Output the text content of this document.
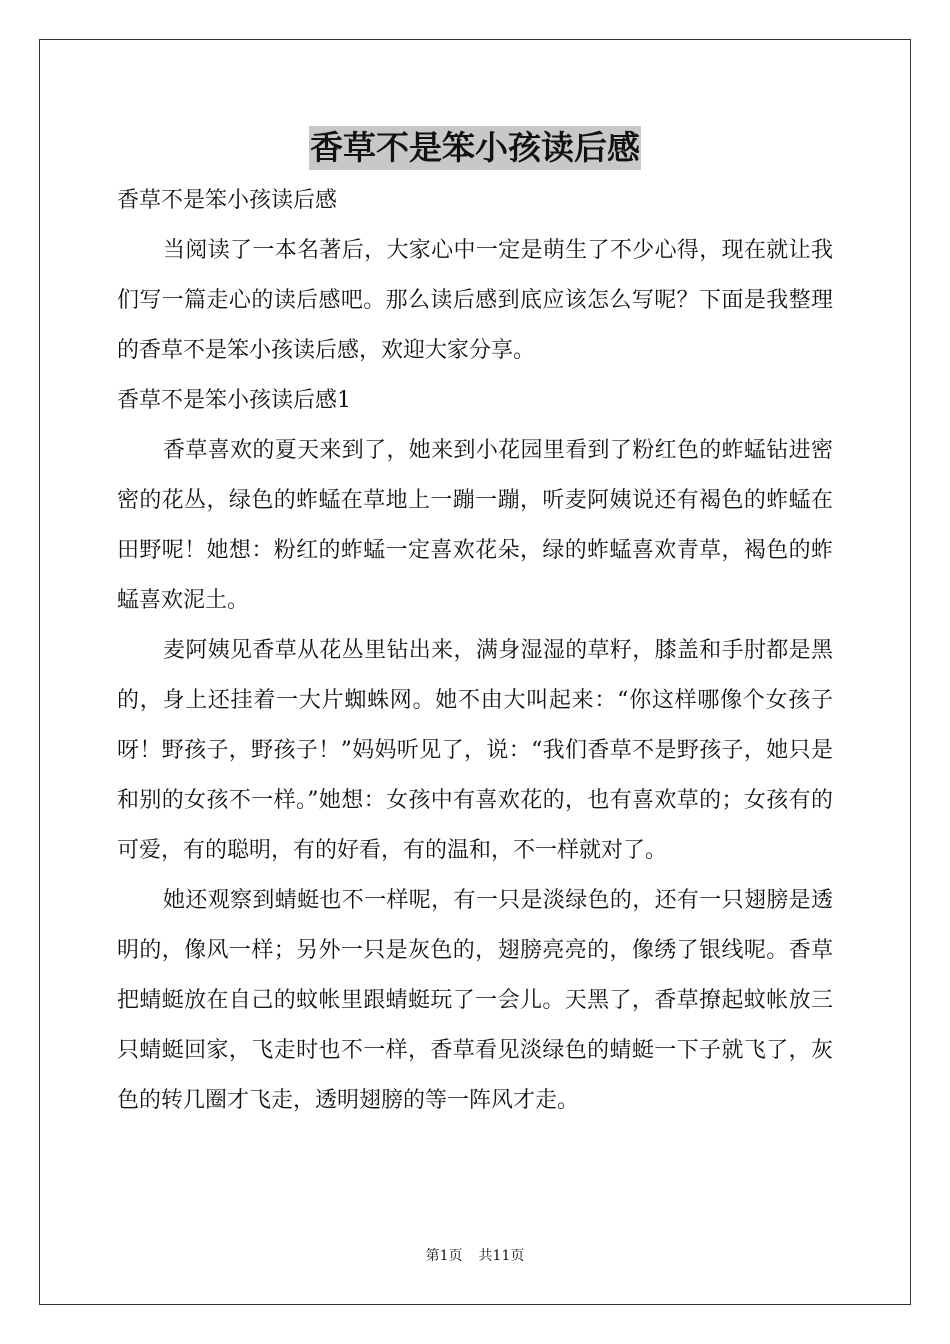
香草不是笨小孩读后感

香草不是笨小孩读后感

当阅读了一本名著后，大家心中一定是萌生了不少心得，现在就让我们写一篇走心的读后感吧。那么读后感到底应该怎么写呢？下面是我整理的香草不是笨小孩读后感，欢迎大家分享。

香草不是笨小孩读后感1

香草喜欢的夏天来到了，她来到小花园里看到了粉红色的蚱蜢钻进密密的花丛，绿色的蚱蜢在草地上一蹦一蹦，听麦阿姨说还有褐色的蚱蜢在田野呢！她想：粉红的蚱蜢一定喜欢花朵，绿的蚱蜢喜欢青草，褐色的蚱蜢喜欢泥土。

麦阿姨见香草从花丛里钻出来，满身湿湿的草籽，膝盖和手肘都是黑的，身上还挂着一大片蜘蛛网。她不由大叫起来：“你这样哪像个女孩子呀！野孩子，野孩子！”妈妈听见了，说：“我们香草不是野孩子，她只是和别的女孩不一样。”她想：女孩中有喜欢花的，也有喜欢草的；女孩有的可爱，有的聪明，有的好看，有的温和，不一样就对了。

她还观察到蜻蜓也不一样呢，有一只是淡绿色的，还有一只翅膀是透明的，像风一样；另外一只是灰色的，翅膀亮亮的，像绣了银线呢。香草把蜻蜓放在自己的蚊帐里跟蜻蜓玩了一会儿。天黑了，香草撩起蚊帐放三只蜻蜓回家，飞走时也不一样，香草看见淡绿色的蜻蜓一下子就飞了，灰色的转几圈才飞走，透明翅膀的等一阵风才走。

第1页 共11页
